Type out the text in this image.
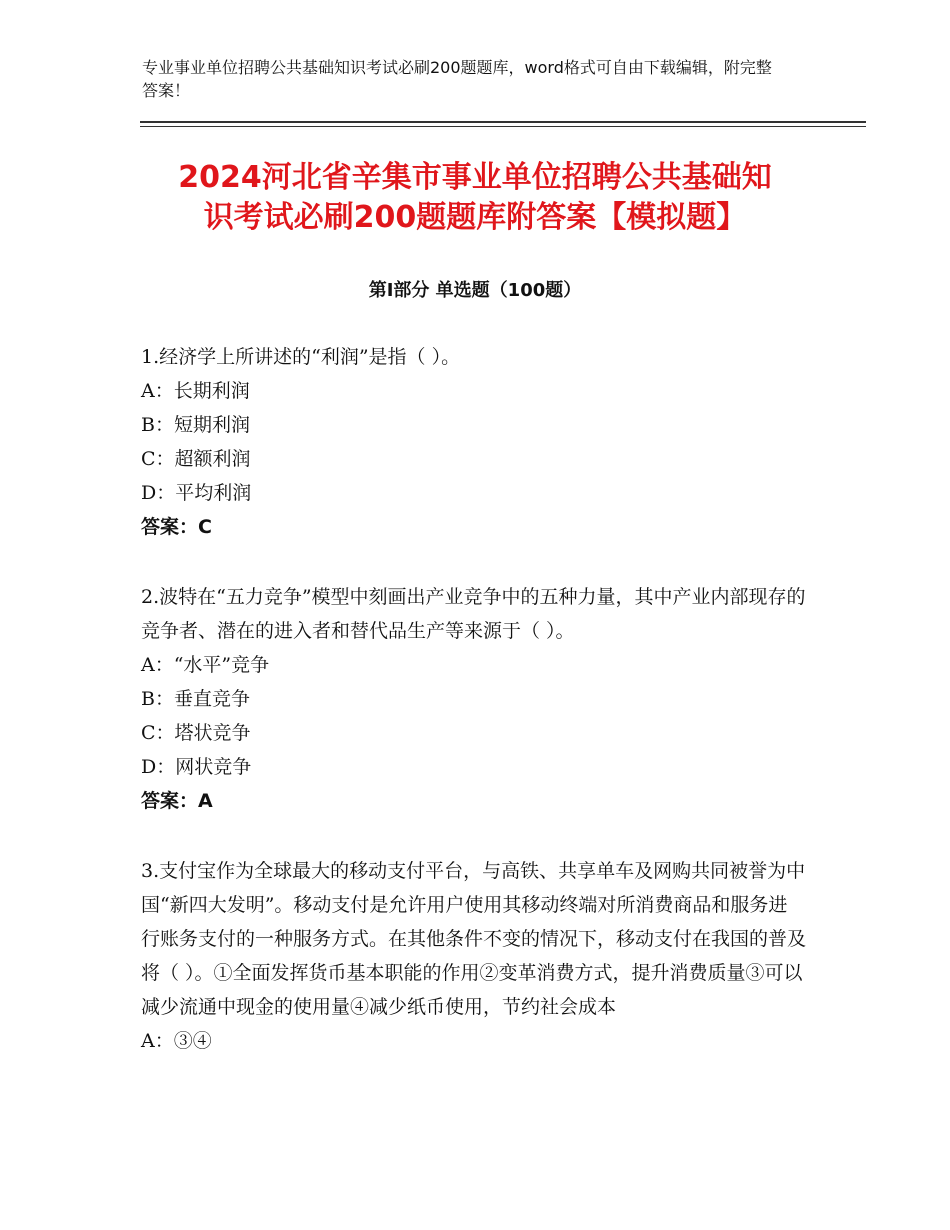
专业事业单位招聘公共基础知识考试必刷200题题库，word格式可自由下载编辑，附完整答案！
2024河北省辛集市事业单位招聘公共基础知
识考试必刷200题题库附答案【模拟题】
第Ⅰ部分 单选题（100题）
1.经济学上所讲述的“利润”是指（ ）。
A：长期利润
B：短期利润
C：超额利润
D：平均利润
答案：C
2.波特在“五力竞争”模型中刻画出产业竞争中的五种力量，其中产业内部现存的竞争者、潜在的进入者和替代品生产等来源于（ ）。
A：“水平”竞争
B：垂直竞争
C：塔状竞争
D：网状竞争
答案：A
3.支付宝作为全球最大的移动支付平台，与高铁、共享单车及网购共同被誉为中国“新四大发明”。移动支付是允许用户使用其移动终端对所消费商品和服务进行账务支付的一种服务方式。在其他条件不变的情况下，移动支付在我国的普及将（ ）。①全面发挥货币基本职能的作用②变革消费方式，提升消费质量③可以减少流通中现金的使用量④减少纸币使用，节约社会成本
A：③④
